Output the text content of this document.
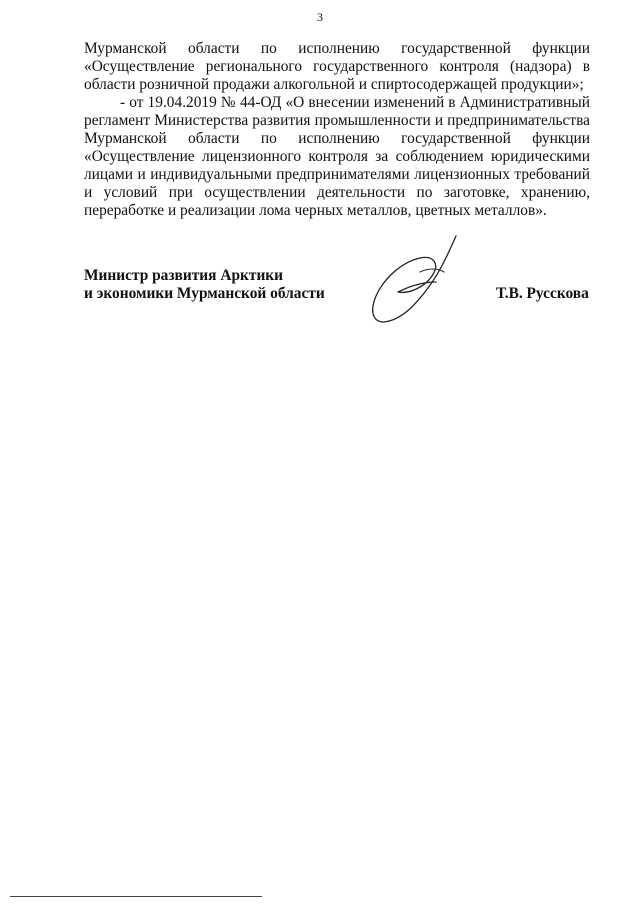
3

Мурманской области по исполнению государственной функции «Осуществление регионального государственного контроля (надзора) в области розничной продажи алкогольной и спиртосодержащей продукции»;

- от 19.04.2019 № 44-ОД «О внесении изменений в Административный регламент Министерства развития промышленности и предпринимательства Мурманской области по исполнению государственной функции «Осуществление лицензионного контроля за соблюдением юридическими лицами и индивидуальными предпринимателями лицензионных требований и условий при осуществлении деятельности по заготовке, хранению, переработке и реализации лома черных металлов, цветных металлов».

Министр развития Арктики
и экономики Мурманской области	Т.В. Русскова
